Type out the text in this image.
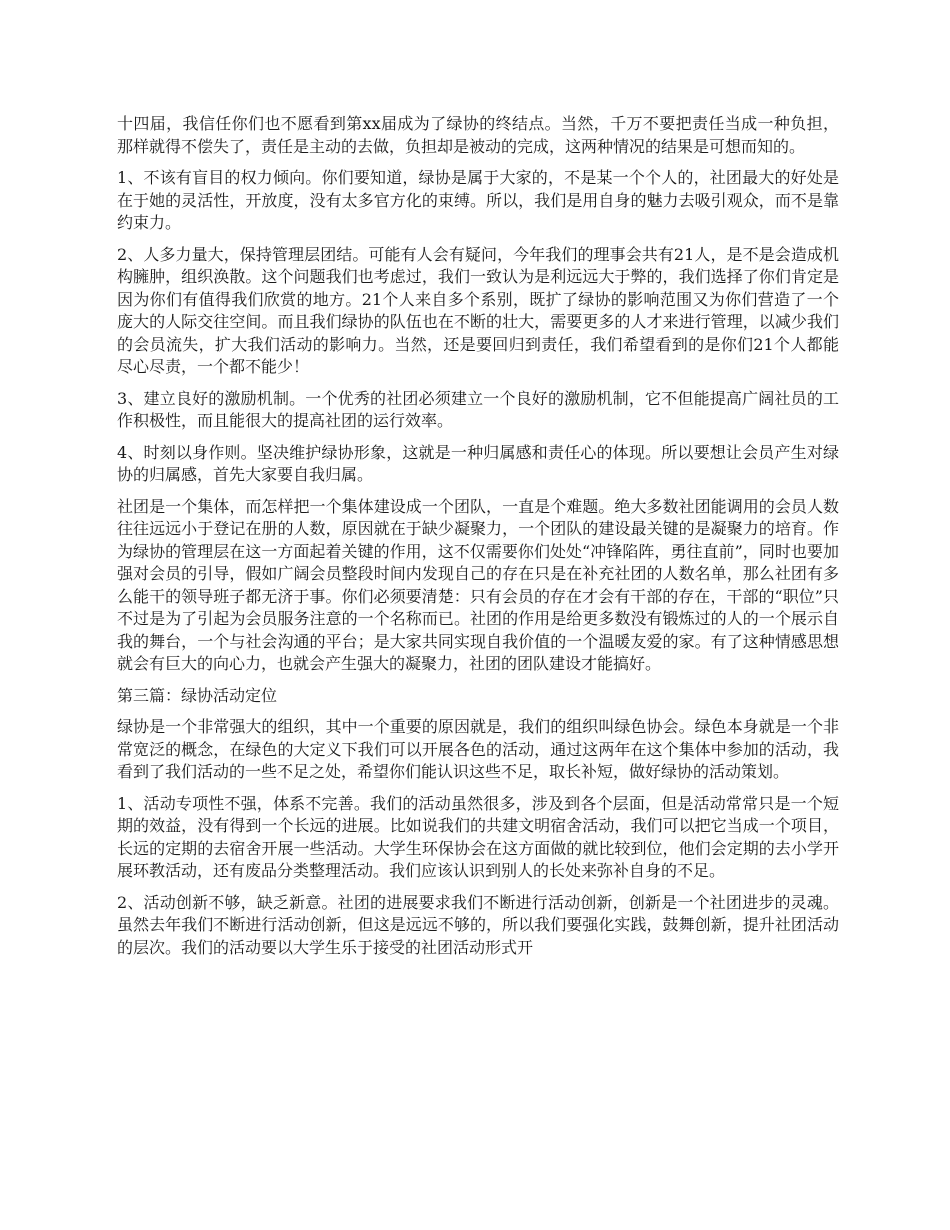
十四届，我信任你们也不愿看到第xx届成为了绿协的终结点。当然，千万不要把责任当成一种负担，那样就得不偿失了，责任是主动的去做，负担却是被动的完成，这两种情况的结果是可想而知的。

1、不该有盲目的权力倾向。你们要知道，绿协是属于大家的，不是某一个个人的，社团最大的好处是在于她的灵活性，开放度，没有太多官方化的束缚。所以，我们是用自身的魅力去吸引观众，而不是靠约束力。

2、人多力量大，保持管理层团结。可能有人会有疑问，今年我们的理事会共有21人，是不是会造成机构臃肿，组织涣散。这个问题我们也考虑过，我们一致认为是利远远大于弊的，我们选择了你们肯定是因为你们有值得我们欣赏的地方。21个人来自多个系别，既扩了绿协的影响范围又为你们营造了一个庞大的人际交往空间。而且我们绿协的队伍也在不断的壮大，需要更多的人才来进行管理，以减少我们的会员流失，扩大我们活动的影响力。当然，还是要回归到责任，我们希望看到的是你们21个人都能尽心尽责，一个都不能少！

3、建立良好的激励机制。一个优秀的社团必须建立一个良好的激励机制，它不但能提高广阔社员的工作积极性，而且能很大的提高社团的运行效率。

4、时刻以身作则。坚决维护绿协形象，这就是一种归属感和责任心的体现。所以要想让会员产生对绿协的归属感，首先大家要自我归属。

社团是一个集体，而怎样把一个集体建设成一个团队，一直是个难题。绝大多数社团能调用的会员人数往往远远小于登记在册的人数，原因就在于缺少凝聚力，一个团队的建设最关键的是凝聚力的培育。作为绿协的管理层在这一方面起着关键的作用，这不仅需要你们处处“冲锋陷阵，勇往直前”，同时也要加强对会员的引导，假如广阔会员整段时间内发现自己的存在只是在补充社团的人数名单，那么社团有多么能干的领导班子都无济于事。你们必须要清楚：只有会员的存在才会有干部的存在，干部的“职位”只不过是为了引起为会员服务注意的一个名称而已。社团的作用是给更多数没有锻炼过的人的一个展示自我的舞台，一个与社会沟通的平台；是大家共同实现自我价值的一个温暖友爱的家。有了这种情感思想就会有巨大的向心力，也就会产生强大的凝聚力，社团的团队建设才能搞好。

第三篇：绿协活动定位

绿协是一个非常强大的组织，其中一个重要的原因就是，我们的组织叫绿色协会。绿色本身就是一个非常宽泛的概念，在绿色的大定义下我们可以开展各色的活动，通过这两年在这个集体中参加的活动，我看到了我们活动的一些不足之处，希望你们能认识这些不足，取长补短，做好绿协的活动策划。

1、活动专项性不强，体系不完善。我们的活动虽然很多，涉及到各个层面，但是活动常常只是一个短期的效益，没有得到一个长远的进展。比如说我们的共建文明宿舍活动，我们可以把它当成一个项目，长远的定期的去宿舍开展一些活动。大学生环保协会在这方面做的就比较到位，他们会定期的去小学开展环教活动，还有废品分类整理活动。我们应该认识到别人的长处来弥补自身的不足。

2、活动创新不够，缺乏新意。社团的进展要求我们不断进行活动创新，创新是一个社团进步的灵魂。虽然去年我们不断进行活动创新，但这是远远不够的，所以我们要强化实践，鼓舞创新，提升社团活动的层次。我们的活动要以大学生乐于接受的社团活动形式开
